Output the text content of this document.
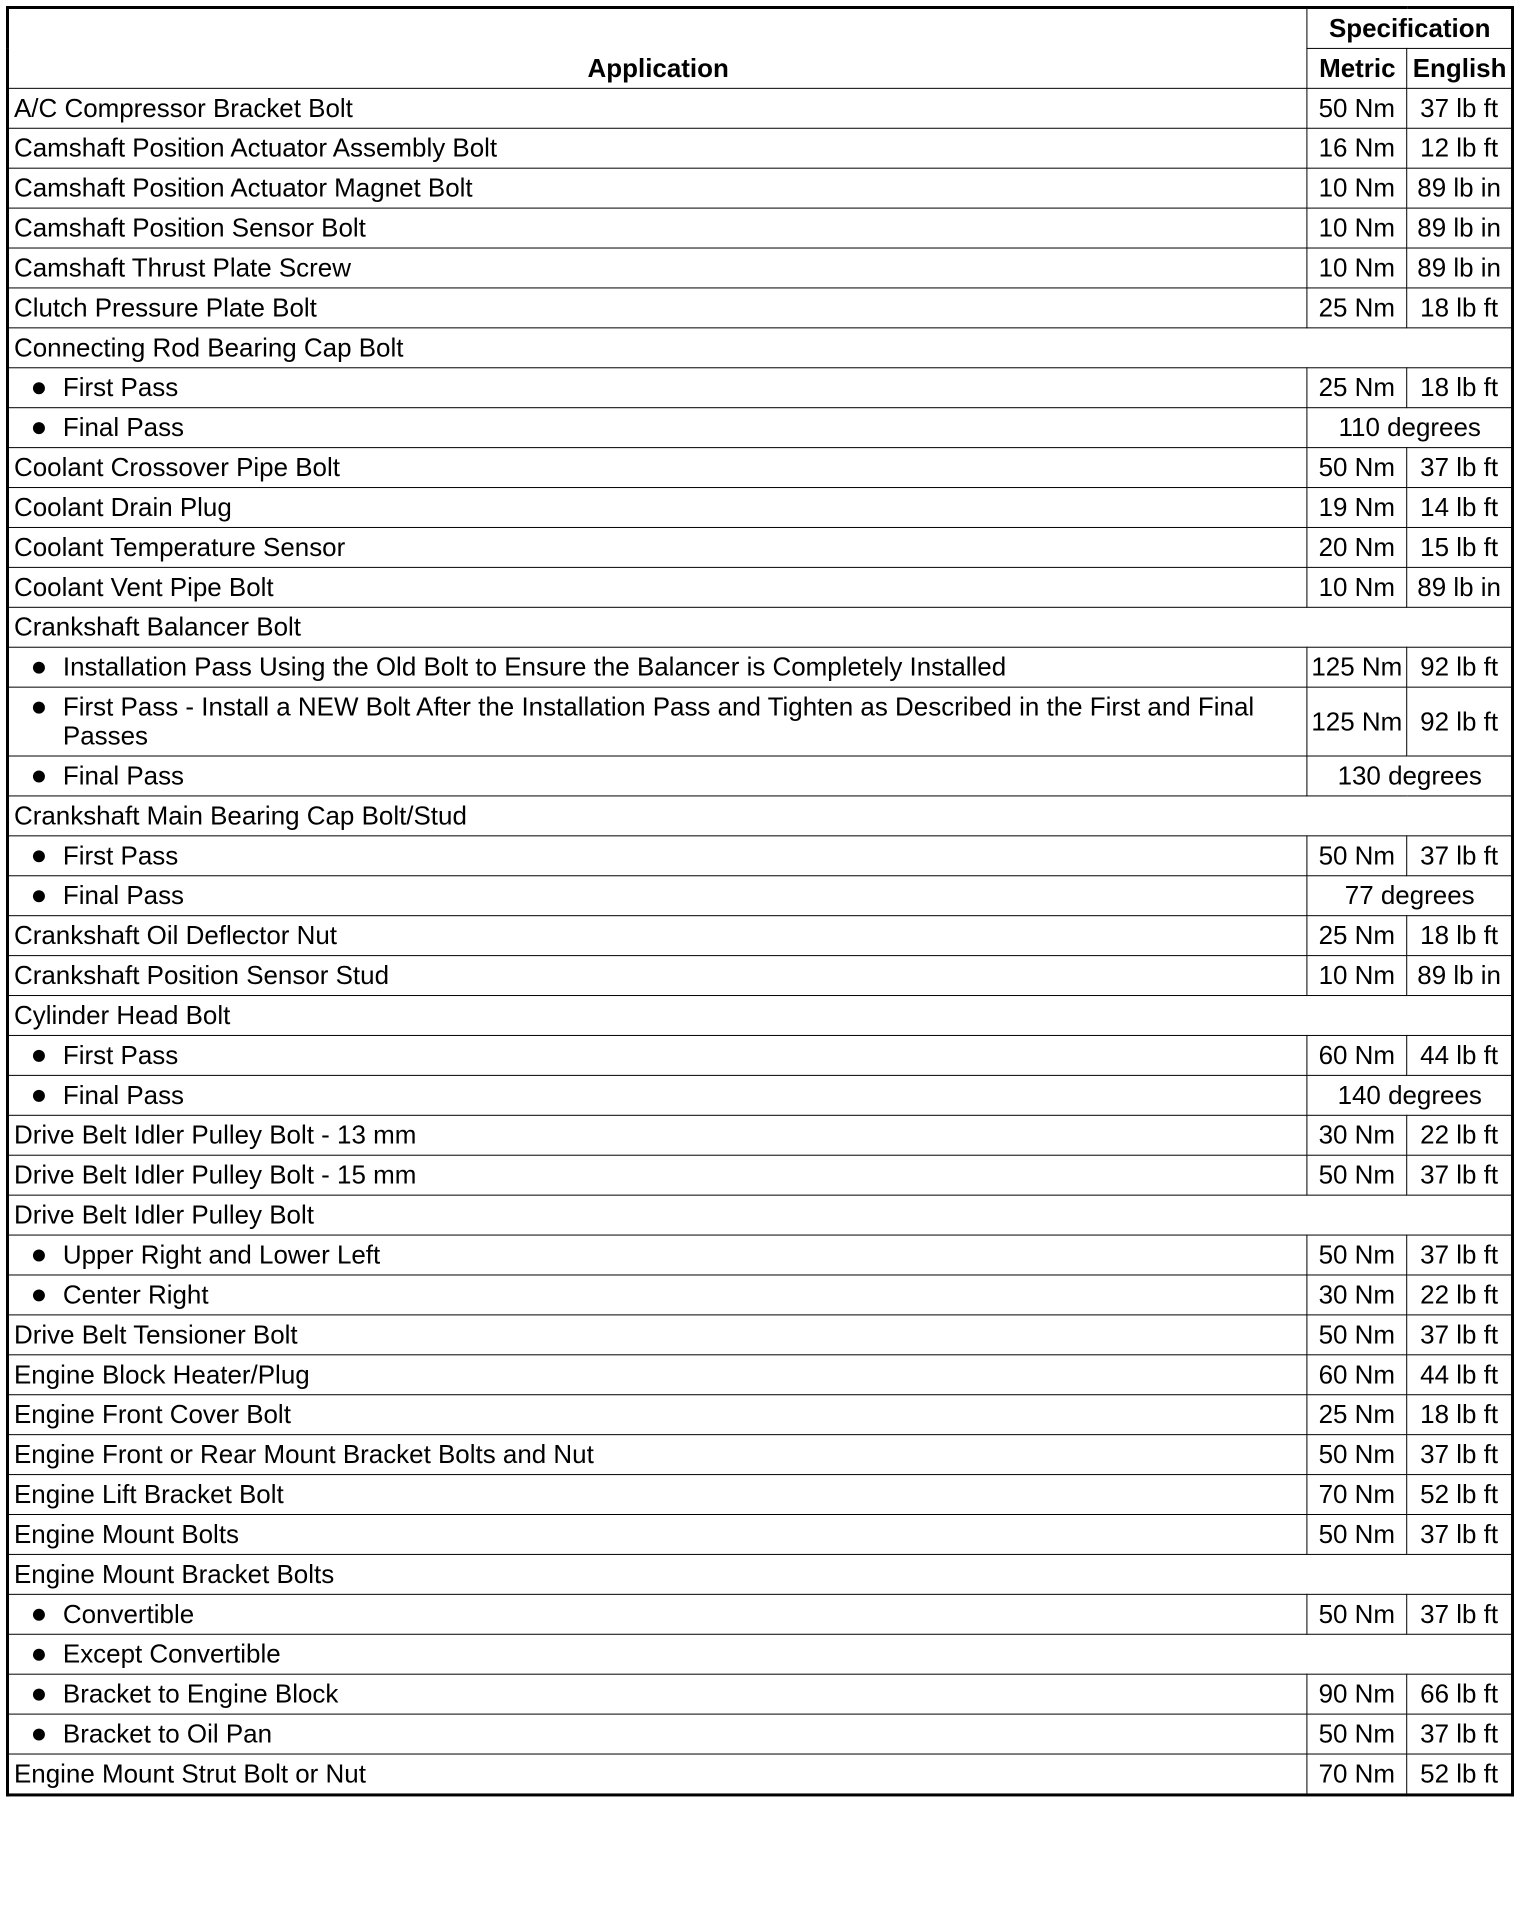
Application	Specification	
	Metric	English
A/C Compressor Bracket Bolt	50 Nm	37 lb ft
Camshaft Position Actuator Assembly Bolt	16 Nm	12 lb ft
Camshaft Position Actuator Magnet Bolt	10 Nm	89 lb in
Camshaft Position Sensor Bolt	10 Nm	89 lb in
Camshaft Thrust Plate Screw	10 Nm	89 lb in
Clutch Pressure Plate Bolt	25 Nm	18 lb ft
Connecting Rod Bearing Cap Bolt		

First Pass	25 Nm	18 lb ft

Final Pass	110 degrees	
Coolant Crossover Pipe Bolt	50 Nm	37 lb ft
Coolant Drain Plug	19 Nm	14 lb ft
Coolant Temperature Sensor	20 Nm	15 lb ft
Coolant Vent Pipe Bolt	10 Nm	89 lb in
Crankshaft Balancer Bolt		

Installation Pass Using the Old Bolt to Ensure the Balancer is Completely Installed	125 Nm	92 lb ft

First Pass - Install a NEW Bolt After the Installation Pass and Tighten as Described in the First and Final Passes	125 Nm	92 lb ft

Final Pass	130 degrees	
Crankshaft Main Bearing Cap Bolt/Stud		

First Pass	50 Nm	37 lb ft

Final Pass	77 degrees	
Crankshaft Oil Deflector Nut	25 Nm	18 lb ft
Crankshaft Position Sensor Stud	10 Nm	89 lb in
Cylinder Head Bolt		

First Pass	60 Nm	44 lb ft

Final Pass	140 degrees	
Drive Belt Idler Pulley Bolt - 13 mm	30 Nm	22 lb ft
Drive Belt Idler Pulley Bolt - 15 mm	50 Nm	37 lb ft
Drive Belt Idler Pulley Bolt		

Upper Right and Lower Left	50 Nm	37 lb ft

Center Right	30 Nm	22 lb ft
Drive Belt Tensioner Bolt	50 Nm	37 lb ft
Engine Block Heater/Plug	60 Nm	44 lb ft
Engine Front Cover Bolt	25 Nm	18 lb ft
Engine Front or Rear Mount Bracket Bolts and Nut	50 Nm	37 lb ft
Engine Lift Bracket Bolt	70 Nm	52 lb ft
Engine Mount Bolts	50 Nm	37 lb ft
Engine Mount Bracket Bolts		

Convertible	50 Nm	37 lb ft

Except Convertible		

Bracket to Engine Block	90 Nm	66 lb ft

Bracket to Oil Pan	50 Nm	37 lb ft
Engine Mount Strut Bolt or Nut	70 Nm	52 lb ft
